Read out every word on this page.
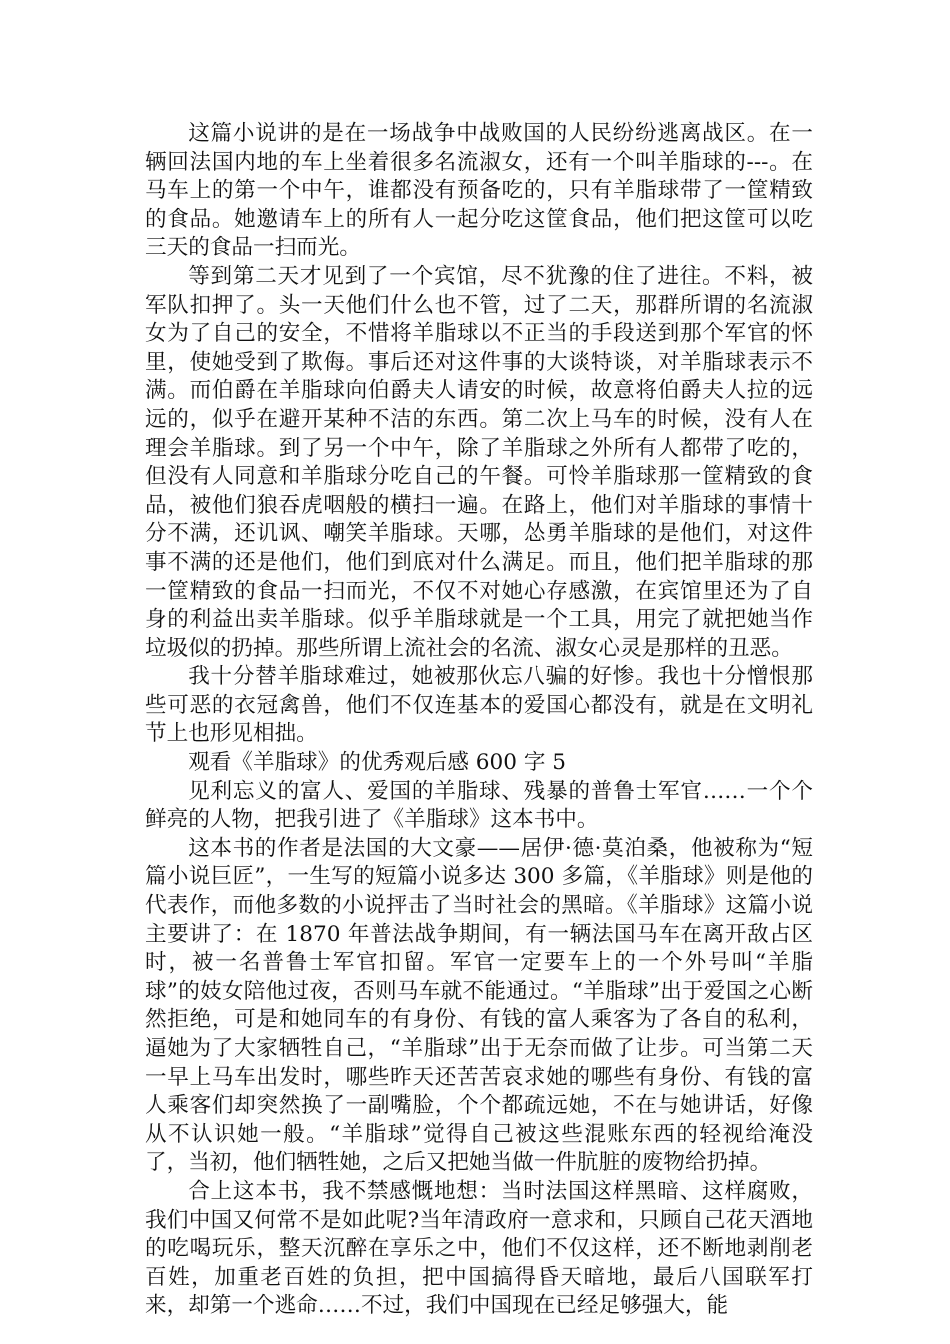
这篇小说讲的是在一场战争中战败国的人民纷纷逃离战区。在一辆回法国内地的车上坐着很多名流淑女，还有一个叫羊脂球的---。在马车上的第一个中午，谁都没有预备吃的，只有羊脂球带了一筐精致的食品。她邀请车上的所有人一起分吃这筐食品，他们把这筐可以吃三天的食品一扫而光。

等到第二天才见到了一个宾馆，尽不犹豫的住了进往。不料，被军队扣押了。头一天他们什么也不管，过了二天，那群所谓的名流淑女为了自己的安全，不惜将羊脂球以不正当的手段送到那个军官的怀里，使她受到了欺侮。事后还对这件事的大谈特谈，对羊脂球表示不满。而伯爵在羊脂球向伯爵夫人请安的时候，故意将伯爵夫人拉的远远的，似乎在避开某种不洁的东西。第二次上马车的时候，没有人在理会羊脂球。到了另一个中午，除了羊脂球之外所有人都带了吃的，但没有人同意和羊脂球分吃自己的午餐。可怜羊脂球那一筐精致的食品，被他们狼吞虎咽般的横扫一遍。在路上，他们对羊脂球的事情十分不满，还讥讽、嘲笑羊脂球。天哪，怂勇羊脂球的是他们，对这件事不满的还是他们，他们到底对什么满足。而且，他们把羊脂球的那一筐精致的食品一扫而光，不仅不对她心存感激，在宾馆里还为了自身的利益出卖羊脂球。似乎羊脂球就是一个工具，用完了就把她当作垃圾似的扔掉。那些所谓上流社会的名流、淑女心灵是那样的丑恶。

我十分替羊脂球难过，她被那伙忘八骗的好惨。我也十分憎恨那些可恶的衣冠禽兽，他们不仅连基本的爱国心都没有，就是在文明礼节上也形见相拙。

观看《羊脂球》的优秀观后感 600 字 5

见利忘义的富人、爱国的羊脂球、残暴的普鲁士军官……一个个鲜亮的人物，把我引进了《羊脂球》这本书中。

这本书的作者是法国的大文豪——居伊·德·莫泊桑，他被称为“短篇小说巨匠”，一生写的短篇小说多达 300 多篇，《羊脂球》则是他的代表作，而他多数的小说抨击了当时社会的黑暗。《羊脂球》这篇小说主要讲了：在 1870 年普法战争期间，有一辆法国马车在离开敌占区时，被一名普鲁士军官扣留。军官一定要车上的一个外号叫“羊脂球”的妓女陪他过夜，否则马车就不能通过。“羊脂球”出于爱国之心断然拒绝，可是和她同车的有身份、有钱的富人乘客为了各自的私利，逼她为了大家牺牲自己，“羊脂球”出于无奈而做了让步。可当第二天一早上马车出发时，哪些昨天还苦苦哀求她的哪些有身份、有钱的富人乘客们却突然换了一副嘴脸，个个都疏远她，不在与她讲话，好像从不认识她一般。“羊脂球”觉得自己被这些混账东西的轻视给淹没了，当初，他们牺牲她，之后又把她当做一件肮脏的废物给扔掉。

合上这本书，我不禁感慨地想：当时法国这样黑暗、这样腐败，我们中国又何常不是如此呢?当年清政府一意求和，只顾自己花天酒地的吃喝玩乐，整天沉醉在享乐之中，他们不仅这样，还不断地剥削老百姓，加重老百姓的负担，把中国搞得昏天暗地，最后八国联军打来，却第一个逃命……不过，我们中国现在已经足够强大，能
